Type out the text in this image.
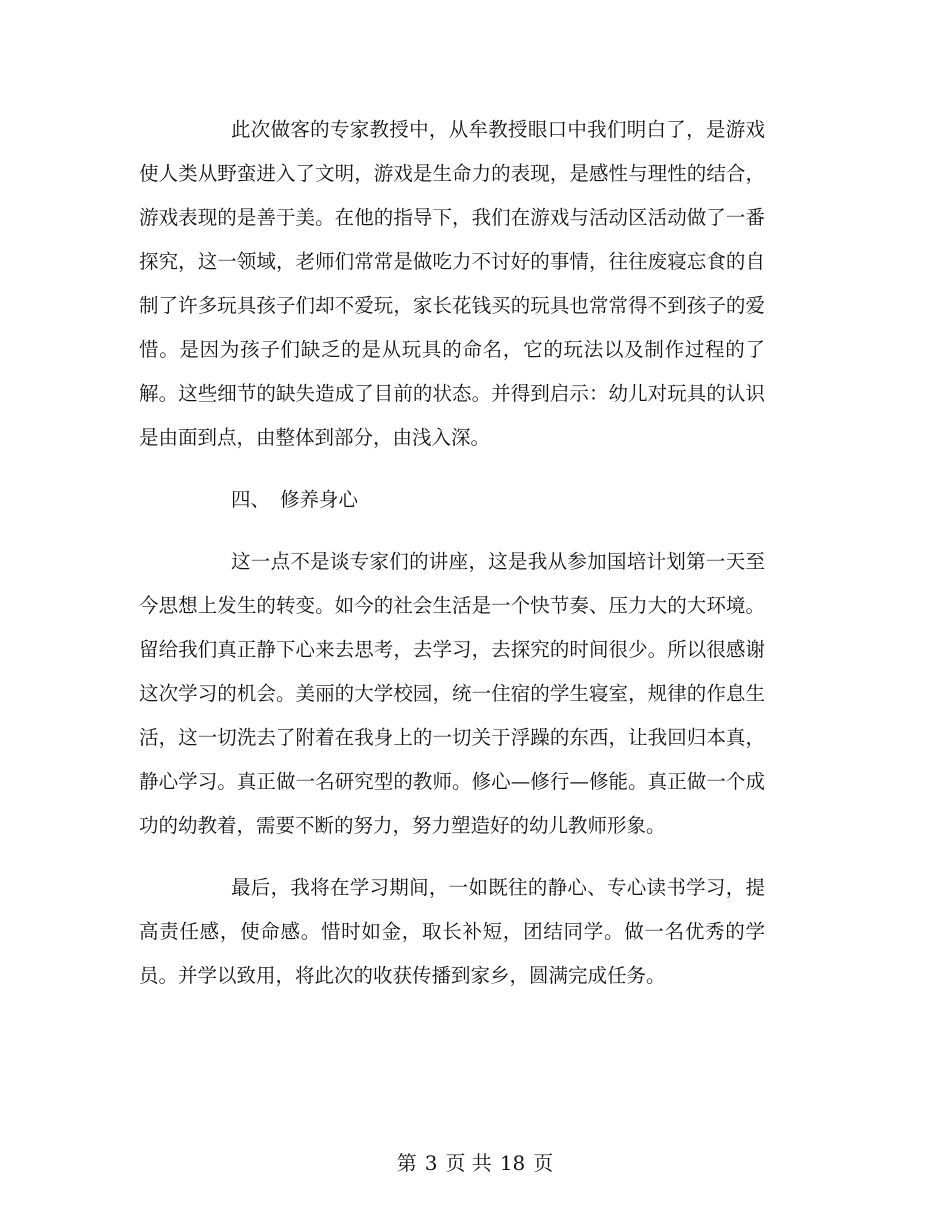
此次做客的专家教授中，从牟教授眼口中我们明白了，是游戏使人类从野蛮进入了文明，游戏是生命力的表现，是感性与理性的结合，游戏表现的是善于美。在他的指导下，我们在游戏与活动区活动做了一番探究，这一领域，老师们常常是做吃力不讨好的事情，往往废寝忘食的自制了许多玩具孩子们却不爱玩，家长花钱买的玩具也常常得不到孩子的爱惜。是因为孩子们缺乏的是从玩具的命名，它的玩法以及制作过程的了解。这些细节的缺失造成了目前的状态。并得到启示：幼儿对玩具的认识是由面到点，由整体到部分，由浅入深。

四、 修养身心

这一点不是谈专家们的讲座，这是我从参加国培计划第一天至今思想上发生的转变。如今的社会生活是一个快节奏、压力大的大环境。留给我们真正静下心来去思考，去学习，去探究的时间很少。所以很感谢这次学习的机会。美丽的大学校园，统一住宿的学生寝室，规律的作息生活，这一切洗去了附着在我身上的一切关于浮躁的东西，让我回归本真，静心学习。真正做一名研究型的教师。修心—修行—修能。真正做一个成功的幼教着，需要不断的努力，努力塑造好的幼儿教师形象。

最后，我将在学习期间，一如既往的静心、专心读书学习，提高责任感，使命感。惜时如金，取长补短，团结同学。做一名优秀的学员。并学以致用，将此次的收获传播到家乡，圆满完成任务。

第 3 页 共 18 页
